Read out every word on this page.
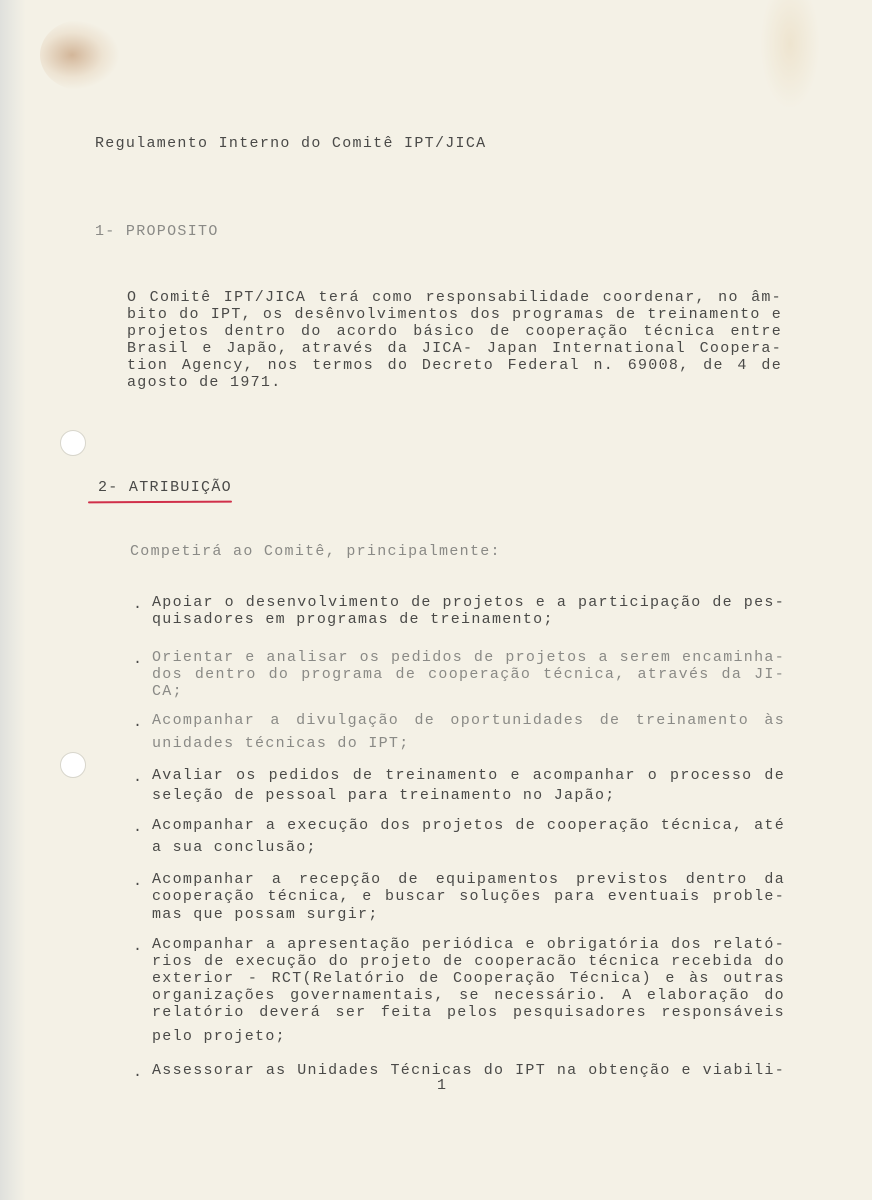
Regulamento Interno do Comitê IPT/JICA
1- PROPOSITO
O Comitê IPT/JICA terá como responsabilidade coordenar, no âm-
bito do IPT, os desênvolvimentos dos programas de treinamento e
projetos dentro do acordo básico de cooperação técnica entre
Brasil e Japão, através da JICA- Japan International Coopera-
tion Agency, nos termos do Decreto Federal n. 69008, de 4 de
agosto de 1971.
2- ATRIBUIÇÃO
Competirá ao Comitê, principalmente:
. Apoiar o desenvolvimento de projetos e a participação de pes-
quisadores em programas de treinamento;
. Orientar e analisar os pedidos de projetos a serem encaminha-
dos dentro do programa de cooperação técnica, através da JI-
CA;
. Acompanhar a divulgação de oportunidades de treinamento às
unidades técnicas do IPT;
. Avaliar os pedidos de treinamento e acompanhar o processo de
seleção de pessoal para treinamento no Japão;
. Acompanhar a execução dos projetos de cooperação técnica, até
a sua conclusão;
. Acompanhar a recepção de equipamentos previstos dentro da
cooperação técnica, e buscar soluções para eventuais proble-
mas que possam surgir;
. Acompanhar a apresentação periódica e obrigatória dos relató-
rios de execução do projeto de cooperacão técnica recebida do
exterior - RCT(Relatório de Cooperação Técnica) e às outras
organizações governamentais, se necessário. A elaboração do
relatório deverá ser feita pelos pesquisadores responsáveis
pelo projeto;
. Assessorar as Unidades Técnicas do IPT na obtenção e viabili-
1
